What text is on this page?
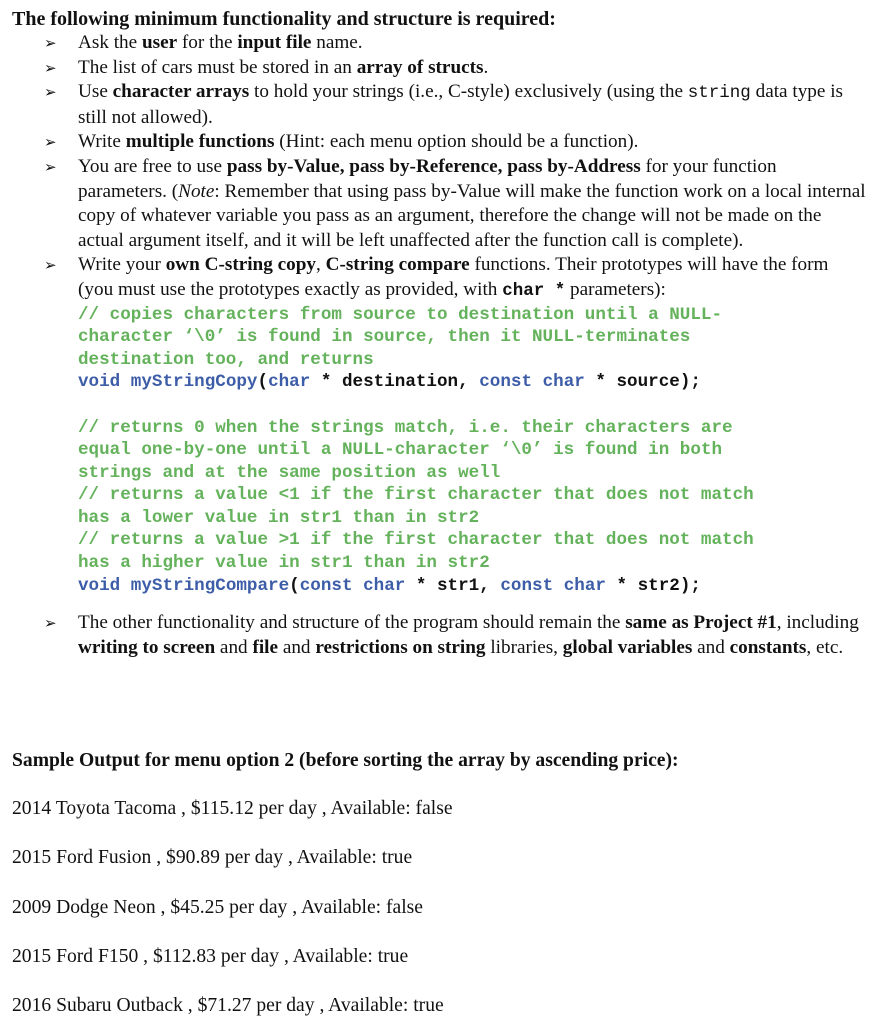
The following minimum functionality and structure is required:
➢ Ask the user for the input file name.
➢ The list of cars must be stored in an array of structs.
➢ Use character arrays to hold your strings (i.e., C-style) exclusively (using the string data type is still not allowed).
➢ Write multiple functions (Hint: each menu option should be a function).
➢ You are free to use pass by-Value, pass by-Reference, pass by-Address for your function parameters. (Note: Remember that using pass by-Value will make the function work on a local internal copy of whatever variable you pass as an argument, therefore the change will not be made on the actual argument itself, and it will be left unaffected after the function call is complete).
➢ Write your own C-string copy, C-string compare functions. Their prototypes will have the form (you must use the prototypes exactly as provided, with char * parameters):
// copies characters from source to destination until a NULL-
character ‘\0’ is found in source, then it NULL-terminates
destination too, and returns
void myStringCopy(char * destination, const char * source);
// returns 0 when the strings match, i.e. their characters are
equal one-by-one until a NULL-character ‘\0’ is found in both
strings and at the same position as well
// returns a value <1 if the first character that does not match
has a lower value in str1 than in str2
// returns a value >1 if the first character that does not match
has a higher value in str1 than in str2
void myStringCompare(const char * str1, const char * str2);
➢ The other functionality and structure of the program should remain the same as Project #1, including writing to screen and file and restrictions on string libraries, global variables and constants, etc.
Sample Output for menu option 2 (before sorting the array by ascending price):

2014 Toyota Tacoma , $115.12 per day , Available: false

2015 Ford Fusion , $90.89 per day , Available: true

2009 Dodge Neon , $45.25 per day , Available: false

2015 Ford F150 , $112.83 per day , Available: true

2016 Subaru Outback , $71.27 per day , Available: true
